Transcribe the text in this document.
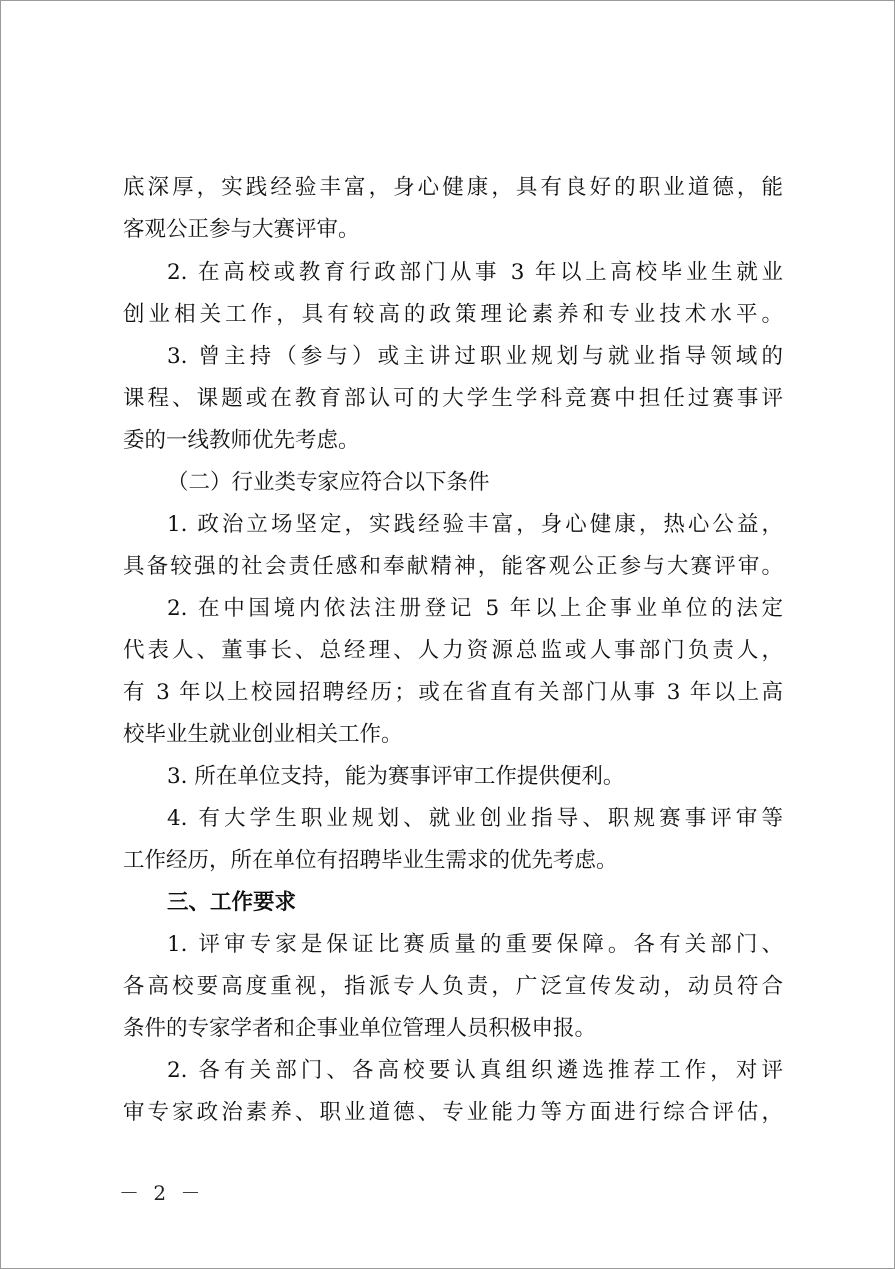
底深厚，实践经验丰富，身心健康，具有良好的职业道德，能
客观公正参与大赛评审。
2. 在高校或教育行政部门从事 3 年以上高校毕业生就业
创业相关工作，具有较高的政策理论素养和专业技术水平。
3. 曾主持（参与）或主讲过职业规划与就业指导领域的
课程、课题或在教育部认可的大学生学科竞赛中担任过赛事评
委的一线教师优先考虑。
（二）行业类专家应符合以下条件
1. 政治立场坚定，实践经验丰富，身心健康，热心公益，
具备较强的社会责任感和奉献精神，能客观公正参与大赛评审。
2. 在中国境内依法注册登记 5 年以上企事业单位的法定
代表人、董事长、总经理、人力资源总监或人事部门负责人，
有 3 年以上校园招聘经历；或在省直有关部门从事 3 年以上高
校毕业生就业创业相关工作。
3. 所在单位支持，能为赛事评审工作提供便利。
4. 有大学生职业规划、就业创业指导、职规赛事评审等
工作经历，所在单位有招聘毕业生需求的优先考虑。
三、工作要求
1. 评审专家是保证比赛质量的重要保障。各有关部门、
各高校要高度重视，指派专人负责，广泛宣传发动，动员符合
条件的专家学者和企事业单位管理人员积极申报。
2. 各有关部门、各高校要认真组织遴选推荐工作，对评
审专家政治素养、职业道德、专业能力等方面进行综合评估，
－ 2 －
